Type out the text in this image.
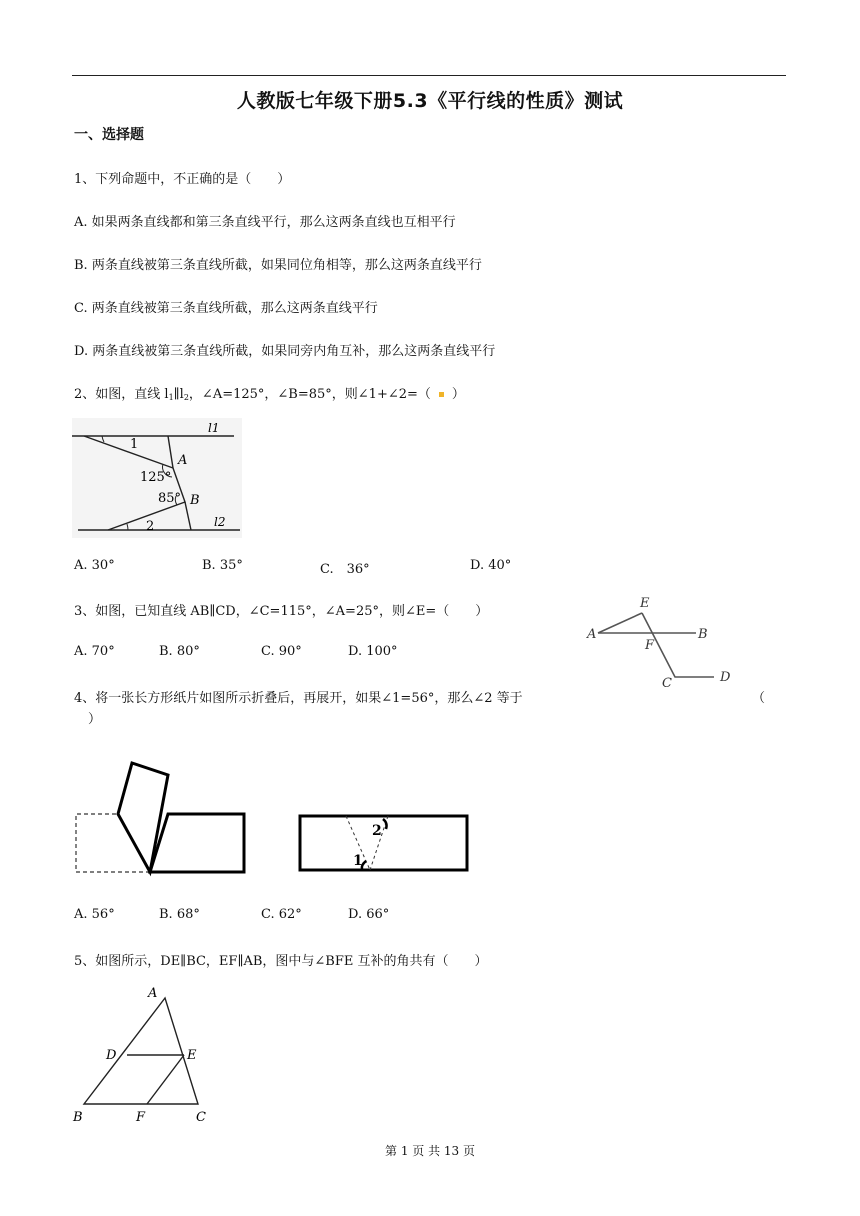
人教版七年级下册5.3《平行线的性质》测试
一、选择题
1、下列命题中，不正确的是（　　）
A. 如果两条直线都和第三条直线平行，那么这两条直线也互相平行
B. 两条直线被第三条直线所截，如果同位角相等，那么这两条直线平行
C. 两条直线被第三条直线所截，那么这两条直线平行
D. 两条直线被第三条直线所截，如果同旁内角互补，那么这两条直线平行
2、如图，直线 $l_1\parallel l_2$，∠A=125°，∠B=85°，则∠1+∠2=（ ）
l1
l2
A
B
1
2
125°
85°
A. 30°	B. 35°	C.　36°	D. 40°
3、如图，已知直线 AB∥CD，∠C=115°，∠A=25°，则∠E=（　　）
A. 70°	B. 80°	C. 90°	D. 100°
A	B
C	D
E
F
4、将一张长方形纸片如图所示折叠后，再展开，如果∠1=56°，那么∠2 等于	（
）
1
2
A. 56°	B. 68°	C. 62°	D. 66°
5、如图所示，DE∥BC，EF∥AB，图中与∠BFE 互补的角共有（　　）
A
B	C
D	E
F
第 1 页 共 13 页
